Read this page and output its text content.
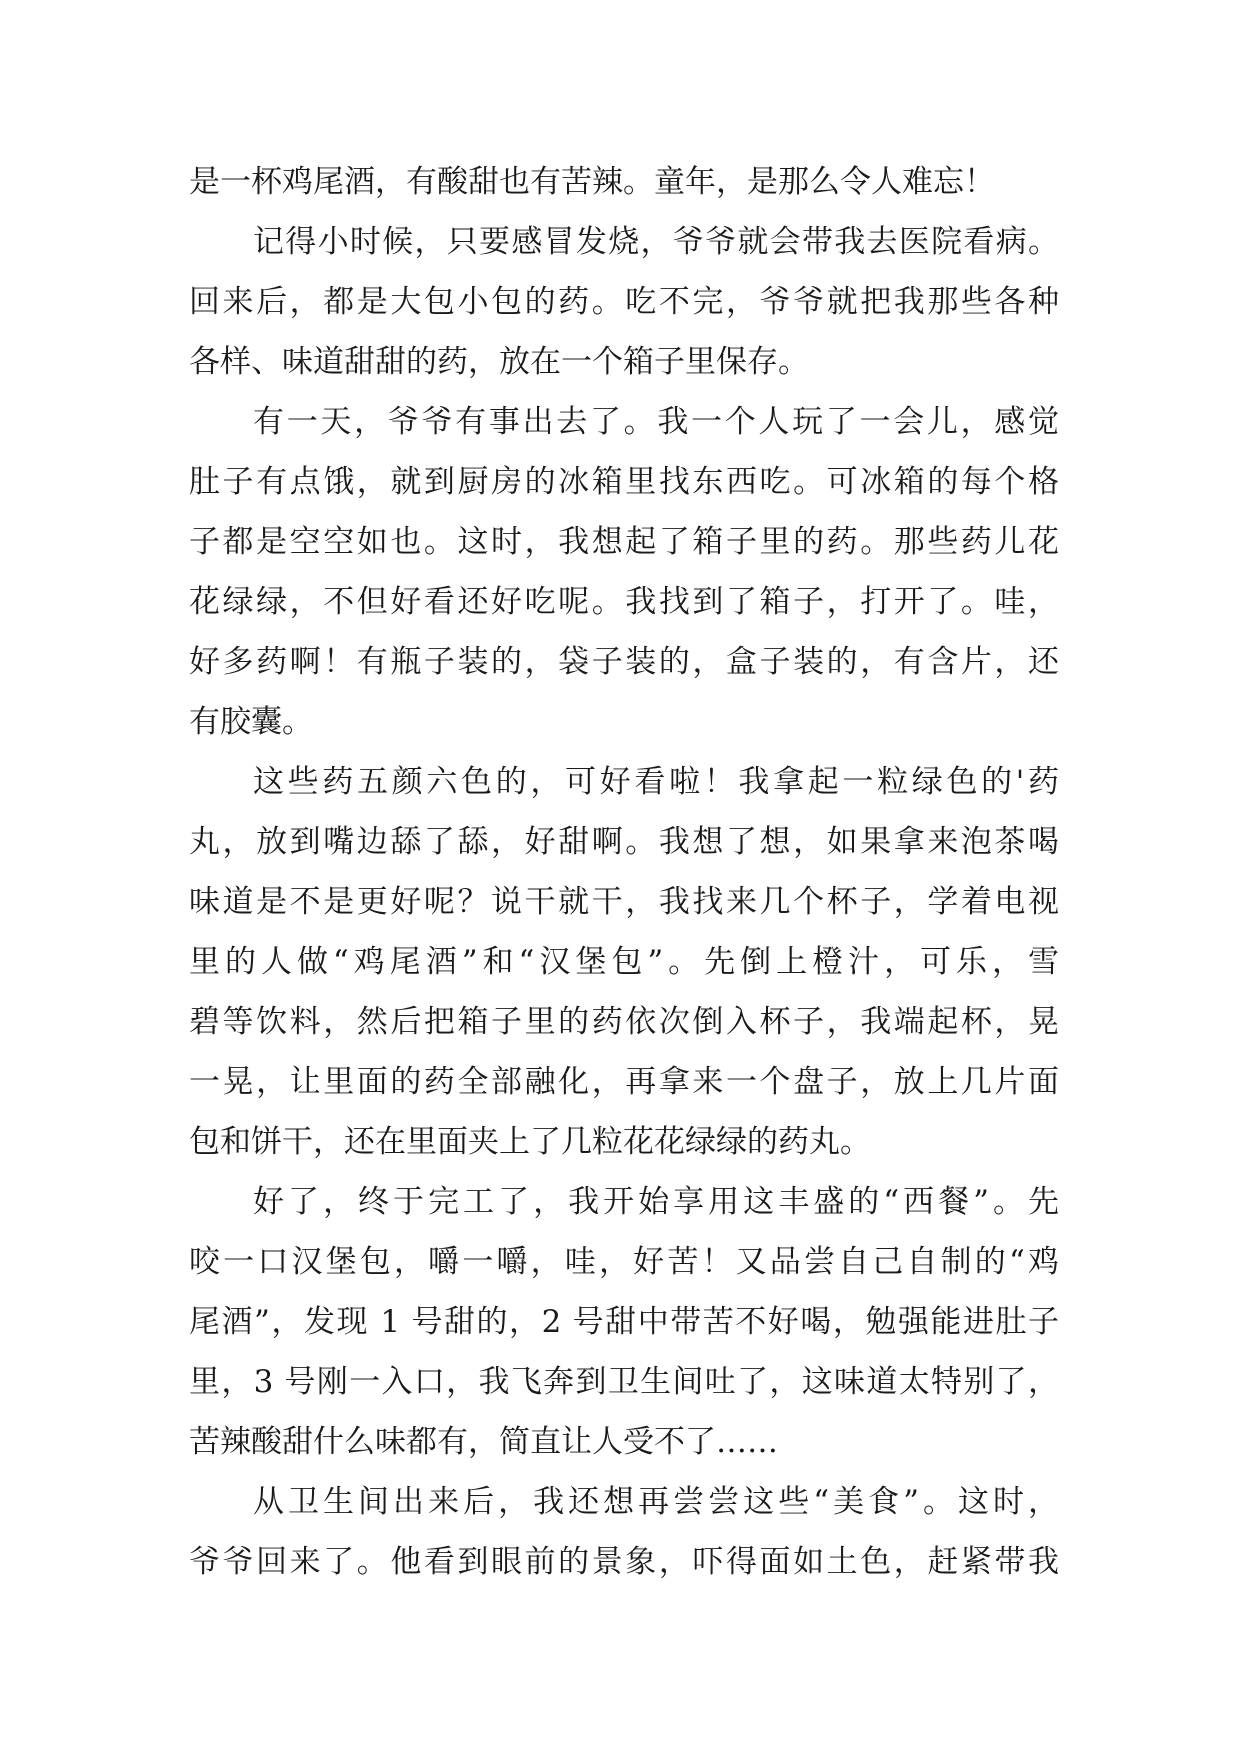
是一杯鸡尾酒，有酸甜也有苦辣。童年，是那么令人难忘！
记得小时候，只要感冒发烧，爷爷就会带我去医院看病。
回来后，都是大包小包的药。吃不完，爷爷就把我那些各种
各样、味道甜甜的药，放在一个箱子里保存。
有一天，爷爷有事出去了。我一个人玩了一会儿，感觉
肚子有点饿，就到厨房的冰箱里找东西吃。可冰箱的每个格
子都是空空如也。这时，我想起了箱子里的药。那些药儿花
花绿绿，不但好看还好吃呢。我找到了箱子，打开了。哇，
好多药啊！有瓶子装的，袋子装的，盒子装的，有含片，还
有胶囊。
这些药五颜六色的，可好看啦！我拿起一粒绿色的'药
丸，放到嘴边舔了舔，好甜啊。我想了想，如果拿来泡茶喝
味道是不是更好呢？说干就干，我找来几个杯子，学着电视
里的人做“鸡尾酒”和“汉堡包”。先倒上橙汁，可乐，雪
碧等饮料，然后把箱子里的药依次倒入杯子，我端起杯，晃
一晃，让里面的药全部融化，再拿来一个盘子，放上几片面
包和饼干，还在里面夹上了几粒花花绿绿的药丸。
好了，终于完工了，我开始享用这丰盛的“西餐”。先
咬一口汉堡包，嚼一嚼，哇，好苦！又品尝自己自制的“鸡
尾酒”，发现 1 号甜的，2 号甜中带苦不好喝，勉强能进肚子
里，3 号刚一入口，我飞奔到卫生间吐了，这味道太特别了，
苦辣酸甜什么味都有，简直让人受不了……
从卫生间出来后，我还想再尝尝这些“美食”。这时，
爷爷回来了。他看到眼前的景象，吓得面如土色，赶紧带我
